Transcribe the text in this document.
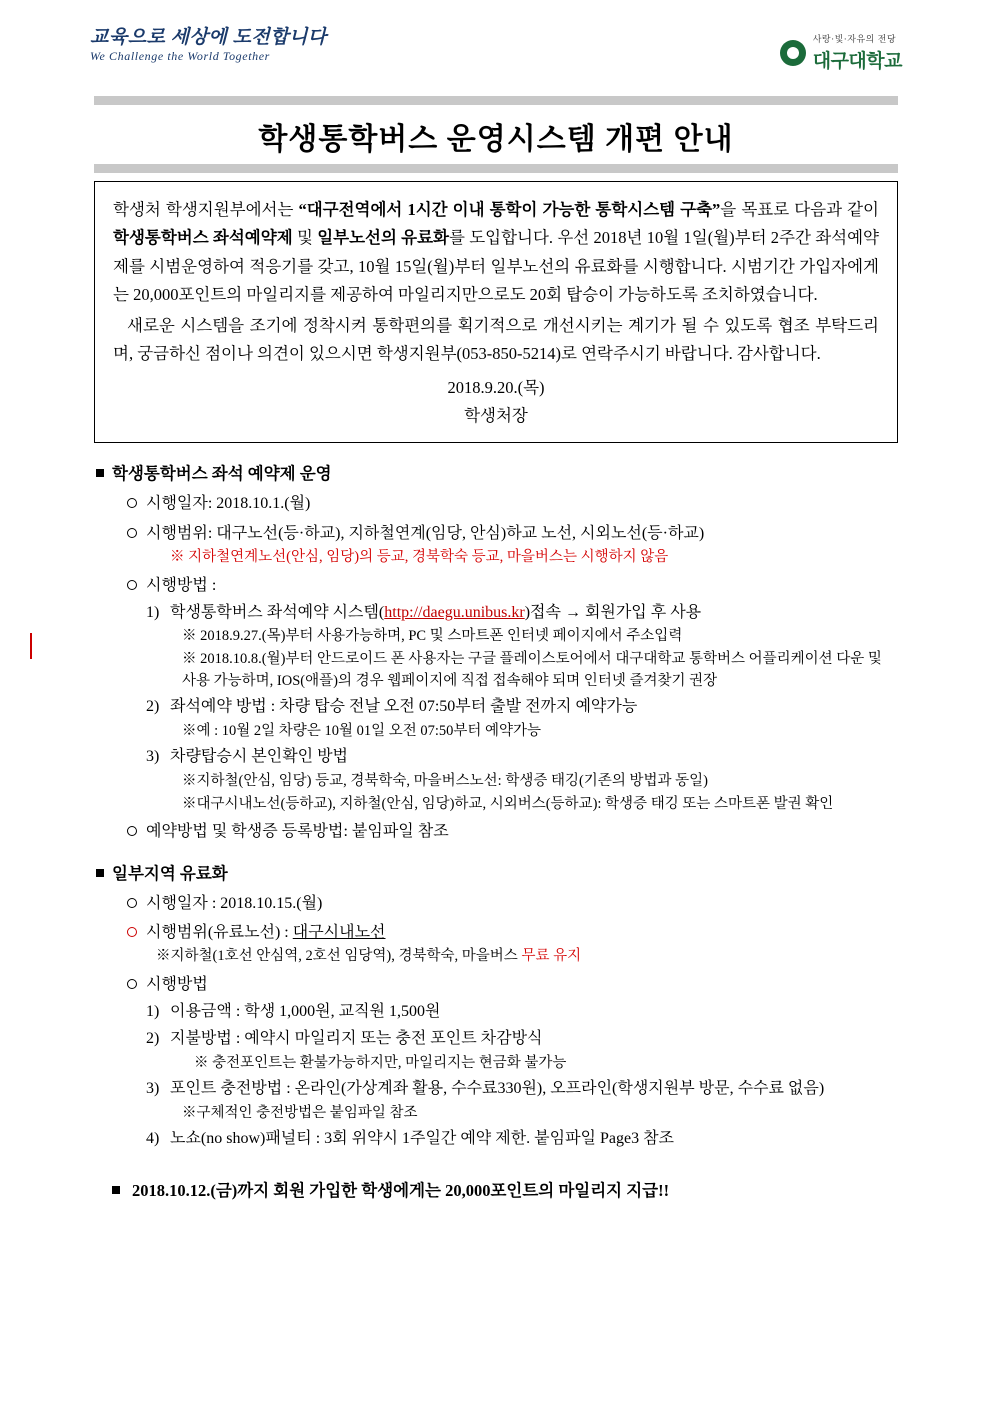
교육으로 세상에 도전합니다
We Challenge the World Together
사랑·빛·자유의 전당
대구대학교
학생통학버스 운영시스템 개편 안내

학생처 학생지원부에서는 “대구전역에서 1시간 이내 통학이 가능한 통학시스템 구축”을 목표로 다음과 같이 학생통학버스 좌석예약제 및 일부노선의 유료화를 도입합니다. 우선 2018년 10월 1일(월)부터 2주간 좌석예약제를 시범운영하여 적응기를 갖고, 10월 15일(월)부터 일부노선의 유료화를 시행합니다. 시범기간 가입자에게는 20,000포인트의 마일리지를 제공하여 마일리지만으로도 20회 탑승이 가능하도록 조치하였습니다.

새로운 시스템을 조기에 정착시켜 통학편의를 획기적으로 개선시키는 계기가 될 수 있도록 협조 부탁드리며, 궁금하신 점이나 의견이 있으시면 학생지원부(053-850-5214)로 연락주시기 바랍니다. 감사합니다.

2018.9.20.(목)
학생처장
학생통학버스 좌석 예약제 운영
시행일자: 2018.10.1.(월)
시행범위: 대구노선(등·하교), 지하철연계(임당, 안심)하교 노선, 시외노선(등·하교)
※ 지하철연계노선(안심, 임당)의 등교, 경북학숙 등교, 마을버스는 시행하지 않음
시행방법 :
1) 학생통학버스 좌석예약 시스템(http://daegu.unibus.kr)접속 → 회원가입 후 사용
※ 2018.9.27.(목)부터 사용가능하며, PC 및 스마트폰 인터넷 페이지에서 주소입력
※ 2018.10.8.(월)부터 안드로이드 폰 사용자는 구글 플레이스토어에서 대구대학교 통학버스 어플리케이션 다운 및 사용 가능하며, IOS(애플)의 경우 웹페이지에 직접 접속해야 되며 인터넷 즐겨찾기 권장
2) 좌석예약 방법 : 차량 탑승 전날 오전 07:50부터 출발 전까지 예약가능
※예 : 10월 2일 차량은 10월 01일 오전 07:50부터 예약가능
3) 차량탑승시 본인확인 방법
※지하철(안심, 임당) 등교, 경북학숙, 마을버스노선: 학생증 태깅(기존의 방법과 동일)
※대구시내노선(등하교), 지하철(안심, 임당)하교, 시외버스(등하교): 학생증 태깅 또는 스마트폰 발권 확인
예약방법 및 학생증 등록방법: 붙임파일 참조
일부지역 유료화
시행일자 : 2018.10.15.(월)
시행범위(유료노선) : 대구시내노선
※지하철(1호선 안심역, 2호선 임당역), 경북학숙, 마을버스 무료 유지
시행방법
1) 이용금액 : 학생 1,000원, 교직원 1,500원
2) 지불방법 : 예약시 마일리지 또는 충전 포인트 차감방식
※ 충전포인트는 환불가능하지만, 마일리지는 현금화 불가능
3) 포인트 충전방법 : 온라인(가상계좌 활용, 수수료330원), 오프라인(학생지원부 방문, 수수료 없음)
※구체적인 충전방법은 붙임파일 참조
4) 노쇼(no show)패널티 : 3회 위약시 1주일간 예약 제한. 붙임파일 Page3 참조
2018.10.12.(금)까지 회원 가입한 학생에게는 20,000포인트의 마일리지 지급!!
